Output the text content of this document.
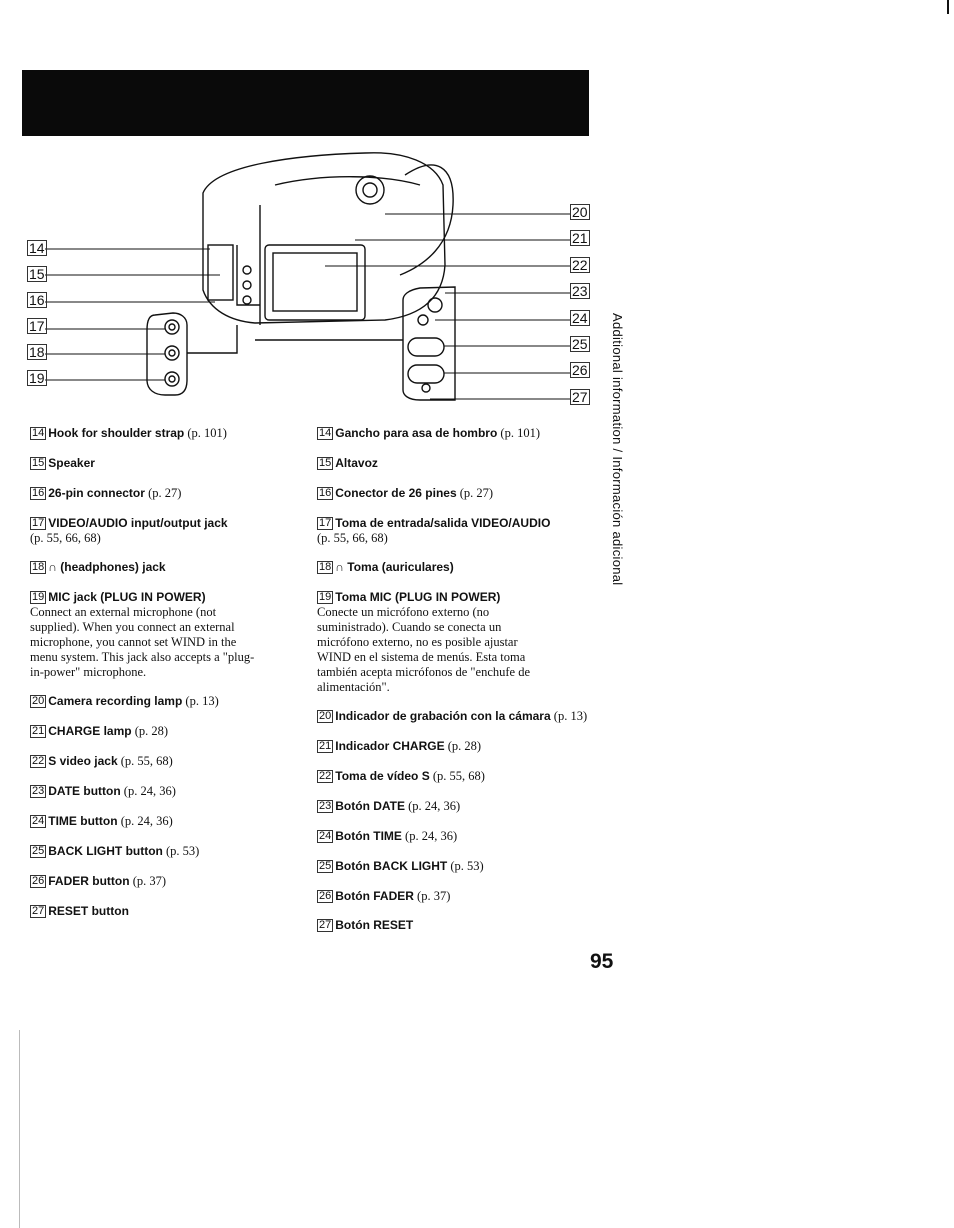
14
15
16
17
18
19
20
21
22
23
24
25
26
27
14 Hook for shoulder strap (p. 101)
15 Speaker
16 26-pin connector (p. 27)
17 VIDEO/AUDIO input/output jack
(p. 55, 66, 68)
18 ∩ (headphones) jack
19 MIC jack (PLUG IN POWER)
Connect an external microphone (not
supplied). When you connect an external
microphone, you cannot set WIND in the
menu system. This jack also accepts a "plug-
in-power" microphone.
20 Camera recording lamp (p. 13)
21 CHARGE lamp (p. 28)
22 S video jack (p. 55, 68)
23 DATE button (p. 24, 36)
24 TIME button (p. 24, 36)
25 BACK LIGHT button (p. 53)
26 FADER button (p. 37)
27 RESET button
14 Gancho para asa de hombro (p. 101)
15 Altavoz
16 Conector de 26 pines (p. 27)
17 Toma de entrada/salida VIDEO/AUDIO
(p. 55, 66, 68)
18 ∩ Toma (auriculares)
19 Toma MIC (PLUG IN POWER)
Conecte un micrófono externo (no
suministrado). Cuando se conecta un
micrófono externo, no es posible ajustar
WIND en el sistema de menús. Esta toma
también acepta micrófonos de "enchufe de
alimentación".
20 Indicador de grabación con la cámara (p. 13)
21 Indicador CHARGE (p. 28)
22 Toma de vídeo S (p. 55, 68)
23 Botón DATE (p. 24, 36)
24 Botón TIME (p. 24, 36)
25 Botón BACK LIGHT (p. 53)
26 Botón FADER (p. 37)
27 Botón RESET
Additional information / Información adicional
95
